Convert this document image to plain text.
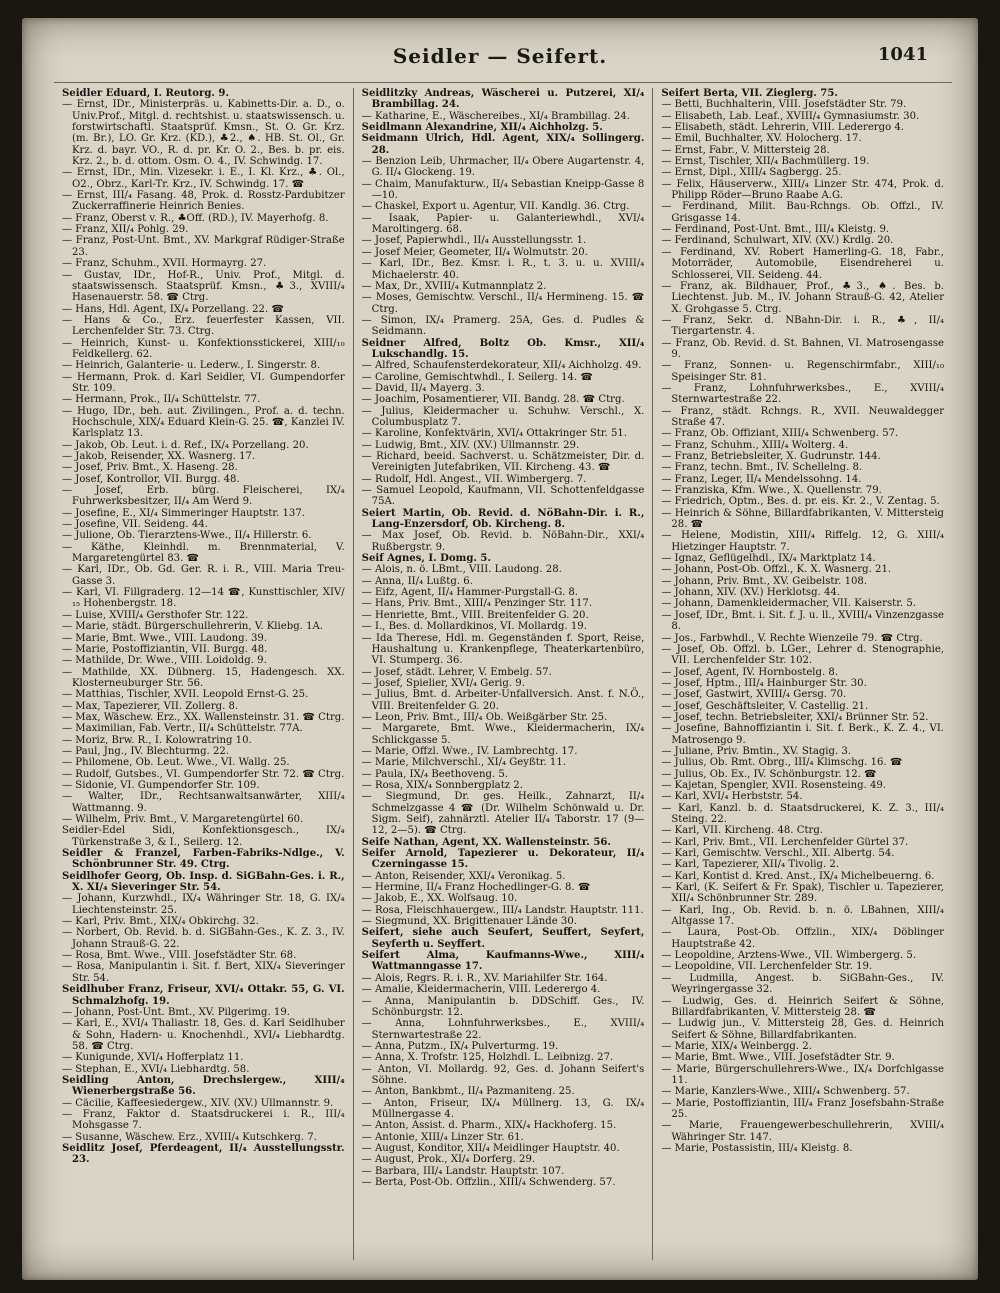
Seidler — Seifert.	1041

Seidler Eduard, I. Reutorg. 9.

— Ernst, IDr., Ministerpräs. u. Kabinetts-Dir. a. D., o. Univ.Prof., Mitgl. d. rechtshist. u. staatswissensch. u. forstwirtschaftl. Staatsprüf. Kmsn., St. O. Gr. Krz. (m. Br.), LO. Gr. Krz. (KD.), ♣2., ♠. HB. St. Ol., Gr. Krz. d. bayr. VO., R. d. pr. Kr. O. 2., Bes. b. pr. eis. Krz. 2., b. d. ottom. Osm. O. 4., IV. Schwindg. 17.

— Ernst, IDr., Min. Vizesekr. i. E., I. Kl. Krz., ♣. Ol., O2., Obrz., Karl-Tr. Krz., IV. Schwindg. 17. ☎

— Ernst, III/₄ Fasang. 48, Prok. d. Rosstz-Pardubitzer Zuckerraffinerie Heinrich Benies.

— Franz, Oberst v. R., ♣Off. (RD.), IV. Mayerhofg. 8.

— Franz, XII/₄ Pohlg. 29.

— Franz, Post-Unt. Bmt., XV. Markgraf Rüdiger-Straße 23.

— Franz, Schuhm., XVII. Hormayrg. 27.

— Gustav, IDr., Hof-R., Univ. Prof., Mitgl. d. staatswissensch. Staatsprüf. Kmsn., ♣3., XVIII/₄ Hasenauerstr. 58. ☎ Ctrg.

— Hans, Hdl. Agent, IX/₄ Porzellang. 22. ☎

— Hans & Co., Erz. feuerfester Kassen, VII. Lerchenfelder Str. 73. Ctrg.

— Heinrich, Kunst- u. Konfektionsstickerei, XIII/₁₀ Feldkellerg. 62.

— Heinrich, Galanterie- u. Lederw., I. Singerstr. 8.

— Hermann, Prok. d. Karl Seidler, VI. Gumpendorfer Str. 109.

— Hermann, Prok., II/₄ Schüttelstr. 77.

— Hugo, IDr., beh. aut. Zivilingen., Prof. a. d. techn. Hochschule, XIX/₄ Eduard Klein-G. 25. ☎, Kanzlei IV. Karlsplatz 13.

— Jakob, Ob. Leut. i. d. Ref., IX/₄ Porzellang. 20.

— Jakob, Reisender, XX. Wasnerg. 17.

— Josef, Priv. Bmt., X. Haseng. 28.

— Josef, Kontrollor, VII. Burgg. 48.

— Josef, Erb. bürg. Fleischerei, IX/₄ Fuhrwerksbesitzer, II/₄ Am Werd 9.

— Josefine, E., XI/₄ Simmeringer Hauptstr. 137.

— Josefine, VII. Seideng. 44.

— Julione, Ob. Tierarztens-Wwe., II/₄ Hillerstr. 6.

— Käthe, Kleinhdl. m. Brennmaterial, V. Margaretengürtel 83. ☎

— Karl, IDr., Ob. Gd. Ger. R. i. R., VIII. Maria Treu-Gasse 3.

— Karl, VI. Fillgraderg. 12—14 ☎, Kunsttischler, XIV/₁₅ Hohenbergstr. 18.

— Luise, XVIII/₄ Gersthofer Str. 122.

— Marie, städt. Bürgerschullehrerin, V. Kliebg. 1A.

— Marie, Bmt. Wwe., VIII. Laudong. 39.

— Marie, Postoffiziantin, VII. Burgg. 48.

— Mathilde, Dr. Wwe., VIII. Loidoldg. 9.

— Mathilde, XX. Dübnerg. 15, Hadengesch. XX. Klosterneuburger Str. 56.

— Matthias, Tischler, XVII. Leopold Ernst-G. 25.

— Max, Tapezierer, VII. Zollerg. 8.

— Max, Wäschew. Erz., XX. Wallensteinstr. 31. ☎ Ctrg.

— Maximilian, Fab. Vertr., II/₄ Schüttelstr. 77A.

— Moriz, Brw. R., I. Kolowratring 10.

— Paul, Jng., IV. Blechturmg. 22.

— Philomene, Ob. Leut. Wwe., VI. Wallg. 25.

— Rudolf, Gutsbes., VI. Gumpendorfer Str. 72. ☎ Ctrg.

— Sidonie, VI. Gumpendorfer Str. 109.

— Walter, IDr., Rechtsanwaltsanwärter, XIII/₄ Wattmanng. 9.

— Wilhelm, Priv. Bmt., V. Margaretengürtel 60.

Seidler-Edel Sidi, Konfektionsgesch., IX/₄ Türkenstraße 3, & I., Seilerg. 12.

Seidler & Franzel, Farben-Fabriks-Ndlge., V. Schönbrunner Str. 49. Ctrg.

Seidlhofer Georg, Ob. Insp. d. SiGBahn-Ges. i. R., X. XI/₄ Sieveringer Str. 54.

— Johann, Kurzwhdl., IX/₄ Währinger Str. 18, G. IX/₄ Liechtensteinstr. 25.

— Karl, Priv. Bmt., XIX/₄ Obkirchg. 32.

— Norbert, Ob. Revid. b. d. SiGBahn-Ges., K. Z. 3., IV. Johann Strauß-G. 22.

— Rosa, Bmt. Wwe., VIII. Josefstädter Str. 68.

— Rosa, Manipulantin i. Sit. f. Bert, XIX/₄ Sieveringer Str. 54.

Seidlhuber Franz, Friseur, XVI/₄ Ottakr. 55, G. VI. Schmalzhofg. 19.

— Johann, Post-Unt. Bmt., XV. Pilgerimg. 19.

— Karl, E., XVI/₄ Thaliastr. 18, Ges. d. Karl Seidlhuber & Sohn, Hadern- u. Knochenhdl., XVI/₄ Liebhardtg. 58. ☎ Ctrg.

— Kunigunde, XVI/₄ Hofferplatz 11.

— Stephan, E., XVI/₄ Liebhardtg. 58.

Seidling Anton, Drechslergew., XIII/₄ Wienerbergstraße 56.

— Cäcilie, Kaffeesiedergew., XIV. (XV.) Ullmannstr. 9.

— Franz, Faktor d. Staatsdruckerei i. R., III/₄ Mohsgasse 7.

— Susanne, Wäschew. Erz., XVIII/₄ Kutschkerg. 7.

Seidlitz Josef, Pferdeagent, II/₄ Ausstellungsstr. 23.

Seidlitzky Andreas, Wäscherei u. Putzerei, XI/₄ Brambillag. 24.

— Katharine, E., Wäschereibes., XI/₄ Brambillag. 24.

Seidlmann Alexandrine, XII/₄ Aichholzg. 5.

Seidmann Ulrich, Hdl. Agent, XIX/₄ Sollingerg. 28.

— Benzion Leib, Uhrmacher, II/₄ Obere Augartenstr. 4, G. II/₄ Glockeng. 19.

— Chaim, Manufakturw., II/₄ Sebastian Kneipp-Gasse 8—10.

— Chaskel, Export u. Agentur, VII. Kandlg. 36. Ctrg.

— Isaak, Papier- u. Galanteriewhdl., XVI/₄ Maroltingerg. 68.

— Josef, Papierwhdl., II/₄ Ausstellungsstr. 1.

— Josef Meier, Geometer, II/₄ Wolmutstr. 20.

— Karl, IDr., Bez. Kmsr. i. R., t. 3. u. u. XVIII/₄ Michaelerstr. 40.

— Max, Dr., XVIII/₄ Kutmannplatz 2.

— Moses, Gemischtw. Verschl., II/₄ Hermineng. 15. ☎ Ctrg.

— Simon, IX/₄ Pramerg. 25A, Ges. d. Pudles & Seidmann.

Seidner Alfred, Boltz Ob. Kmsr., XII/₄ Lukschandlg. 15.

— Alfred, Schaufensterdekorateur, XII/₄ Aichholzg. 49.

— Caroline, Gemischtwhdl., I. Seilerg. 14. ☎

— David, II/₄ Mayerg. 3.

— Joachim, Posamentierer, VII. Bandg. 28. ☎ Ctrg.

— Julius, Kleidermacher u. Schuhw. Verschl., X. Columbusplatz 7.

— Karoline, Konfektvärin, XVI/₄ Ottakringer Str. 51.

— Ludwig, Bmt., XIV. (XV.) Ullmannstr. 29.

— Richard, beeid. Sachverst. u. Schätzmeister, Dir. d. Vereinigten Jutefabriken, VII. Kircheng. 43. ☎

— Rudolf, Hdl. Angest., VII. Wimbergerg. 7.

— Samuel Leopold, Kaufmann, VII. Schottenfeldgasse 75A.

Seiert Martin, Ob. Revid. d. NöBahn-Dir. i. R., Lang-Enzersdorf, Ob. Kircheng. 8.

— Max Josef, Ob. Revid. b. NöBahn-Dir., XXI/₄ Rußbergstr. 9.

Seif Agnes, I. Domg. 5.

— Alois, n. ö. LBmt., VIII. Laudong. 28.

— Anna, II/₄ Lußtg. 6.

— Eifz, Agent, II/₄ Hammer-Purgstall-G. 8.

— Hans, Priv. Bmt., XIII/₄ Penzinger Str. 117.

— Henriette, Bmt., VIII. Breitenfelder G. 20.

— I., Bes. d. Mollardkinos, VI. Mollardg. 19.

— Ida Therese, Hdl. m. Gegenständen f. Sport, Reise, Haushaltung u. Krankenpflege, Theaterkartenbüro, VI. Stumperg. 36.

— Josef, städt. Lehrer, V. Embelg. 57.

— Josef, Spielier, XVI/₄ Gerig. 9.

— Julius, Bmt. d. Arbeiter-Unfallversich. Anst. f. N.Ö., VIII. Breitenfelder G. 20.

— Leon, Priv. Bmt., III/₄ Ob. Weißgärber Str. 25.

— Margarete, Bmt. Wwe., Kleidermacherin, IX/₄ Schlickgasse 5.

— Marie, Offzl. Wwe., IV. Lambrechtg. 17.

— Marie, Milchverschl., XI/₄ Geyßtr. 11.

— Paula, IX/₄ Beethoveng. 5.

— Rosa, XIX/₄ Sonnbergplatz 2.

— Siegmund, Dr. ges. Heilk., Zahnarzt, II/₄ Schmelzgasse 4 ☎ (Dr. Wilhelm Schönwald u. Dr. Sigm. Seif), zahnärztl. Atelier II/₄ Taborstr. 17 (9—12, 2—5). ☎ Ctrg.

Seife Nathan, Agent, XX. Wallensteinstr. 56.

Seifer Arnold, Tapezierer u. Dekorateur, II/₄ Czerningasse 15.

— Anton, Reisender, XXI/₄ Veronikag. 5.

— Hermine, II/₄ Franz Hochedlinger-G. 8. ☎

— Jakob, E., XX. Wolfsaug. 10.

— Rosa, Fleischhauergew., III/₄ Landstr. Hauptstr. 111.

— Siegmund, XX. Brigittenauer Lände 30.

Seifert, siehe auch Seufert, Seuffert, Seyfert, Seyferth u. Seyffert.

Seifert Alma, Kaufmanns-Wwe., XIII/₄ Wattmanngasse 17.

— Alois, Regrs. R. i. R., XV. Mariahilfer Str. 164.

— Amalie, Kleidermacherin, VIII. Lederergo 4.

— Anna, Manipulantin b. DDSchiff. Ges., IV. Schönburgstr. 12.

— Anna, Lohnfuhrwerksbes., E., XVIII/₄ Sternwartestraße 22.

— Anna, Putzm., IX/₄ Pulverturmg. 19.

— Anna, X. Trofstr. 125, Holzhdl. L. Leibnizg. 27.

— Anton, VI. Mollardg. 92, Ges. d. Johann Seifert's Söhne.

— Anton, Bankbmt., II/₄ Pazmaniteng. 25.

— Anton, Friseur, IX/₄ Müllnerg. 13, G. IX/₄ Müllnergasse 4.

— Anton, Assist. d. Pharm., XIX/₄ Hackhoferg. 15.

— Antonie, XIII/₄ Linzer Str. 61.

— August, Konditor, XII/₄ Meidlinger Hauptstr. 40.

— August, Prok., XI/₄ Dorferg. 29.

— Barbara, III/₄ Landstr. Hauptstr. 107.

— Berta, Post-Ob. Offzlin., XIII/₄ Schwenderg. 57.

Seifert Berta, VII. Zieglerg. 75.

— Betti, Buchhalterin, VIII. Josefstädter Str. 79.

— Elisabeth, Lab. Leaf., XVIII/₄ Gymnasiumstr. 30.

— Elisabeth, städt. Lehrerin, VIII. Lederergo 4.

— Emil, Buchhalter, XV. Holocherg. 17.

— Ernst, Fabr., V. Mittersteig 28.

— Ernst, Tischler, XII/₄ Bachmüllerg. 19.

— Ernst, Dipl., XIII/₄ Sagbergg. 25.

— Felix, Häuserverw., XIII/₄ Linzer Str. 474, Prok. d. Philipp Röder—Bruno Raabe A.G.

— Ferdinand, Milit. Bau-Rchngs. Ob. Offzl., IV. Grisgasse 14.

— Ferdinand, Post-Unt. Bmt., III/₄ Kleistg. 9.

— Ferdinand, Schulwart, XIV. (XV.) Krdlg. 20.

— Ferdinand, XV. Robert Hamerling-G. 18, Fabr., Motorräder, Automobile, Eisendreherei u. Schlosserei, VII. Seideng. 44.

— Franz, ak. Bildhauer, Prof., ♣3., ♠. Bes. b. Liechtenst. Jub. M., IV. Johann Strauß-G. 42, Atelier X. Grohgasse 5. Ctrg.

— Franz, Sekr. d. NBahn-Dir. i. R., ♣, II/₄ Tiergartenstr. 4.

— Franz, Ob. Revid. d. St. Bahnen, VI. Matrosengasse 9.

— Franz, Sonnen- u. Regenschirmfabr., XIII/₁₀ Speisinger Str. 81.

— Franz, Lohnfuhrwerksbes., E., XVIII/₄ Sternwartestraße 22.

— Franz, städt. Rchngs. R., XVII. Neuwaldegger Straße 47.

— Franz, Ob. Offiziant, XIII/₄ Schwenberg. 57.

— Franz, Schuhm., XIII/₄ Wolterg. 4.

— Franz, Betriebsleiter, X. Gudrunstr. 144.

— Franz, techn. Bmt., IV. Schellelng. 8.

— Franz, Leger, II/₄ Mendelssohng. 14.

— Franziska, Kfm. Wwe., X. Quellenstr. 79.

— Friedrich, Optm., Bes. d. pr. eis. Kr. 2., V. Zentag. 5.

— Heinrich & Söhne, Billardfabrikanten, V. Mittersteig 28. ☎

— Helene, Modistin, XIII/₄ Riffelg. 12, G. XIII/₄ Hietzinger Hauptstr. 7.

— Ignaz, Geflügelhdl., IX/₄ Marktplatz 14.

— Johann, Post-Ob. Offzl., K. X. Wasnerg. 21.

— Johann, Priv. Bmt., XV. Geibelstr. 108.

— Johann, XIV. (XV.) Herklotsg. 44.

— Johann, Damenkleidermacher, VII. Kaiserstr. 5.

— Josef, IDr., Bmt. i. Sit. f. J. u. ll., XVIII/₄ Vinzenzgasse 8.

— Jos., Farbwhdl., V. Rechte Wienzeile 79. ☎ Ctrg.

— Josef, Ob. Offzl. b. LGer., Lehrer d. Stenographie, VII. Lerchenfelder Str. 102.

— Josef, Agent, IV. Hornbostelg. 8.

— Josef, Hptm., III/₄ Hainburger Str. 30.

— Josef, Gastwirt, XVIII/₄ Gersg. 70.

— Josef, Geschäftsleiter, V. Castellig. 21.

— Josef, techn. Betriebsleiter, XXI/₄ Brünner Str. 52.

— Josefine, Bahnoffiziantin i. Sit. f. Berk., K. Z. 4., VI. Matrosengo 9.

— Juliane, Priv. Bmtin., XV. Stagig. 3.

— Julius, Ob. Rmt. Obrg., III/₄ Klimschg. 16. ☎

— Julius, Ob. Ex., IV. Schönburgstr. 12. ☎

— Kajetan, Spengler, XVII. Rosensteing. 49.

— Karl, XVI/₄ Herbststr. 54.

— Karl, Kanzl. b. d. Staatsdruckerei, K. Z. 3., III/₄ Steing. 22.

— Karl, VII. Kircheng. 48. Ctrg.

— Karl, Priv. Bmt., VII. Lerchenfelder Gürtel 37.

— Karl, Gemischtw. Verschl., XII. Albertg. 54.

— Karl, Tapezierer, XII/₄ Tivolig. 2.

— Karl, Kontist d. Kred. Anst., IX/₄ Michelbeuerng. 6.

— Karl, (K. Seifert & Fr. Spak), Tischler u. Tapezierer, XII/₄ Schönbrunner Str. 289.

— Karl, Ing., Ob. Revid. b. n. ö. LBahnen, XIII/₄ Altgasse 17.

— Laura, Post-Ob. Offzlin., XIX/₄ Döblinger Hauptstraße 42.

— Leopoldine, Arztens-Wwe., VII. Wimbergerg. 5.

— Leopoldine, VII. Lerchenfelder Str. 19.

— Ludmilla, Angest. b. SiGBahn-Ges., IV. Weyringergasse 32.

— Ludwig, Ges. d. Heinrich Seifert & Söhne, Billardfabrikanten, V. Mittersteig 28. ☎

— Ludwig jun., V. Mittersteig 28, Ges. d. Heinrich Seifert & Söhne, Billardfabrikanten.

— Marie, XIX/₄ Weinbergg. 2.

— Marie, Bmt. Wwe., VIII. Josefstädter Str. 9.

— Marie, Bürgerschullehrers-Wwe., IX/₄ Dorfchlgasse 11.

— Marie, Kanzlers-Wwe., XIII/₄ Schwenberg. 57.

— Marie, Postoffiziantin, III/₄ Franz Josefsbahn-Straße 25.

— Marie, Frauengewerbeschullehrerin, XVIII/₄ Währinger Str. 147.

— Marie, Postassistin, III/₄ Kleistg. 8.
